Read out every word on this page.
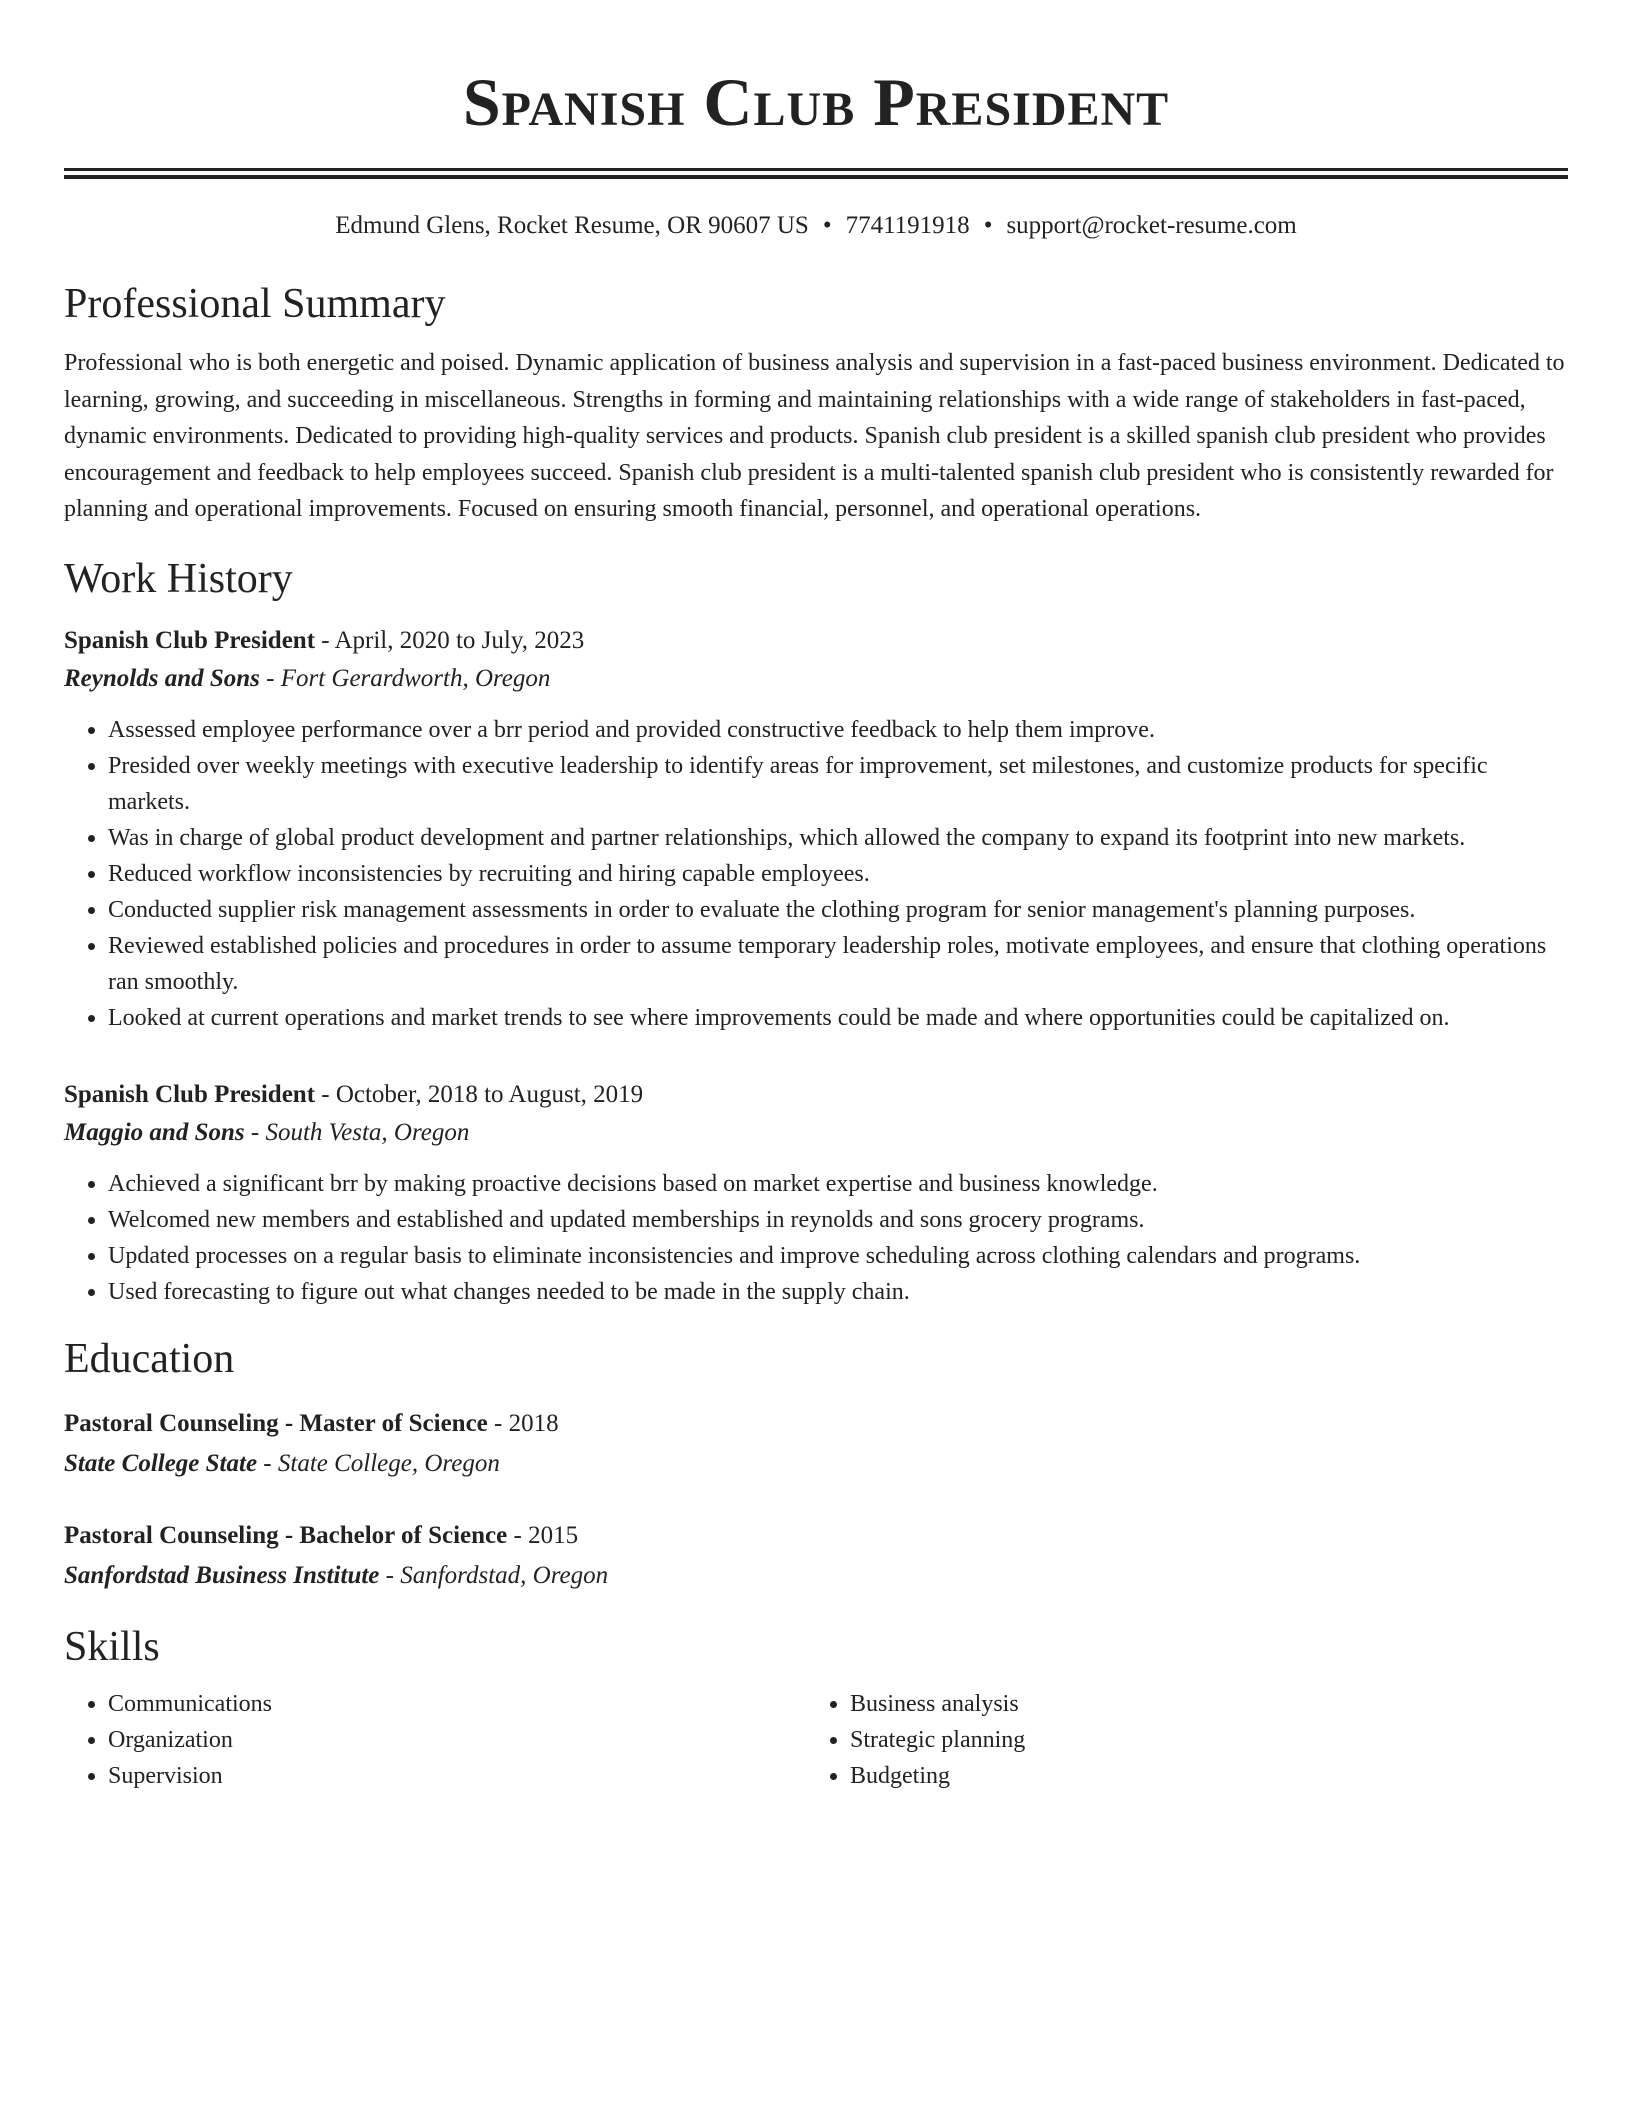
Spanish Club President
Edmund Glens, Rocket Resume, OR 90607 US • 7741191918 • support@rocket-resume.com
Professional Summary

Professional who is both energetic and poised. Dynamic application of business analysis and supervision in a fast-paced business environment. Dedicated to learning, growing, and succeeding in miscellaneous. Strengths in forming and maintaining relationships with a wide range of stakeholders in fast-paced, dynamic environments. Dedicated to providing high-quality services and products. Spanish club president is a skilled spanish club president who provides encouragement and feedback to help employees succeed. Spanish club president is a multi-talented spanish club president who is consistently rewarded for planning and operational improvements. Focused on ensuring smooth financial, personnel, and operational operations.

Work History
Spanish Club President - April, 2020 to July, 2023
Reynolds and Sons - Fort Gerardworth, Oregon
• Assessed employee performance over a brr period and provided constructive feedback to help them improve.
• Presided over weekly meetings with executive leadership to identify areas for improvement, set milestones, and customize products for specific markets.
• Was in charge of global product development and partner relationships, which allowed the company to expand its footprint into new markets.
• Reduced workflow inconsistencies by recruiting and hiring capable employees.
• Conducted supplier risk management assessments in order to evaluate the clothing program for senior management's planning purposes.
• Reviewed established policies and procedures in order to assume temporary leadership roles, motivate employees, and ensure that clothing operations ran smoothly.
• Looked at current operations and market trends to see where improvements could be made and where opportunities could be capitalized on.
Spanish Club President - October, 2018 to August, 2019
Maggio and Sons - South Vesta, Oregon
• Achieved a significant brr by making proactive decisions based on market expertise and business knowledge.
• Welcomed new members and established and updated memberships in reynolds and sons grocery programs.
• Updated processes on a regular basis to eliminate inconsistencies and improve scheduling across clothing calendars and programs.
• Used forecasting to figure out what changes needed to be made in the supply chain.
Education
Pastoral Counseling - Master of Science - 2018
State College State - State College, Oregon
Pastoral Counseling - Bachelor of Science - 2015
Sanfordstad Business Institute - Sanfordstad, Oregon
Skills
• Communications
• Organization
• Supervision
• Business analysis
• Strategic planning
• Budgeting
